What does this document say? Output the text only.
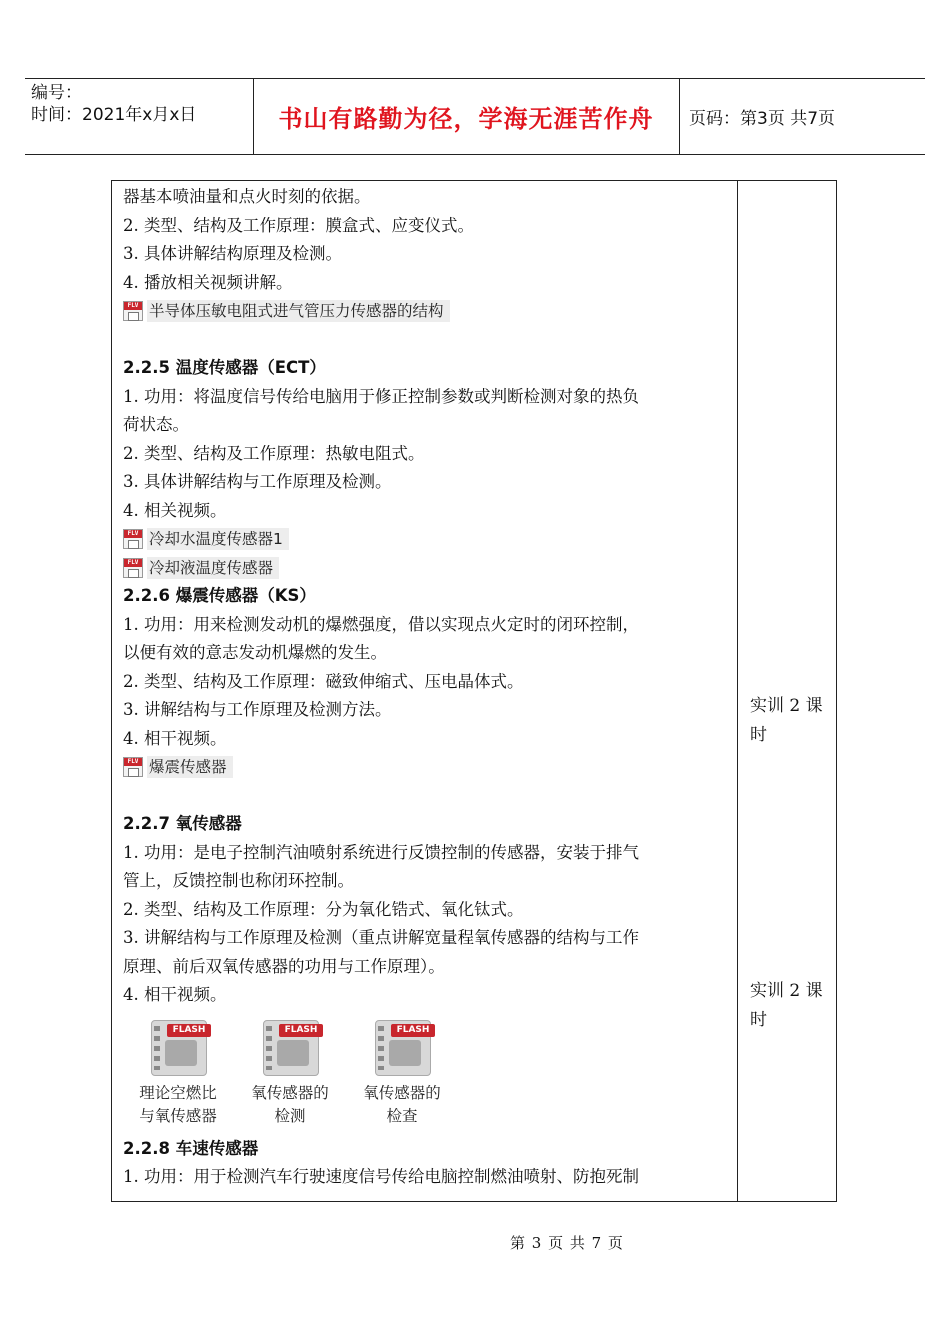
编号：
时间：2021年x月x日	书山有路勤为径，学海无涯苦作舟	页码：第3页 共7页

器基本喷油量和点火时刻的依据。

2. 类型、结构及工作原理：膜盒式、应变仪式。

3. 具体讲解结构原理及检测。

4. 播放相关视频讲解。

FLV 半导体压敏电阻式进气管压力传感器的结构

2.2.5 温度传感器（ECT）

1. 功用：将温度信号传给电脑用于修正控制参数或判断检测对象的热负

荷状态。

2. 类型、结构及工作原理：热敏电阻式。

3. 具体讲解结构与工作原理及检测。

4. 相关视频。

FLV 冷却水温度传感器1
FLV 冷却液温度传感器

2.2.6 爆震传感器（KS）

1. 功用：用来检测发动机的爆燃强度，借以实现点火定时的闭环控制，

以便有效的意志发动机爆燃的发生。

2. 类型、结构及工作原理：磁致伸缩式、压电晶体式。

3. 讲解结构与工作原理及检测方法。

4. 相干视频。

FLV 爆震传感器

2.2.7 氧传感器

1. 功用：是电子控制汽油喷射系统进行反馈控制的传感器，安装于排气

管上，反馈控制也称闭环控制。

2. 类型、结构及工作原理：分为氧化锆式、氧化钛式。

3. 讲解结构与工作原理及检测（重点讲解宽量程氧传感器的结构与工作

原理、前后双氧传感器的功用与工作原理）。

4. 相干视频。

FLASH
理论空燃比
与氧传感器
FLASH
氧传感器的
检测
FLASH
氧传感器的
检查

2.2.8 车速传感器

1. 功用：用于检测汽车行驶速度信号传给电脑控制燃油喷射、防抱死制

实训 2 课
时
实训 2 课
时
第 3 页 共 7 页
